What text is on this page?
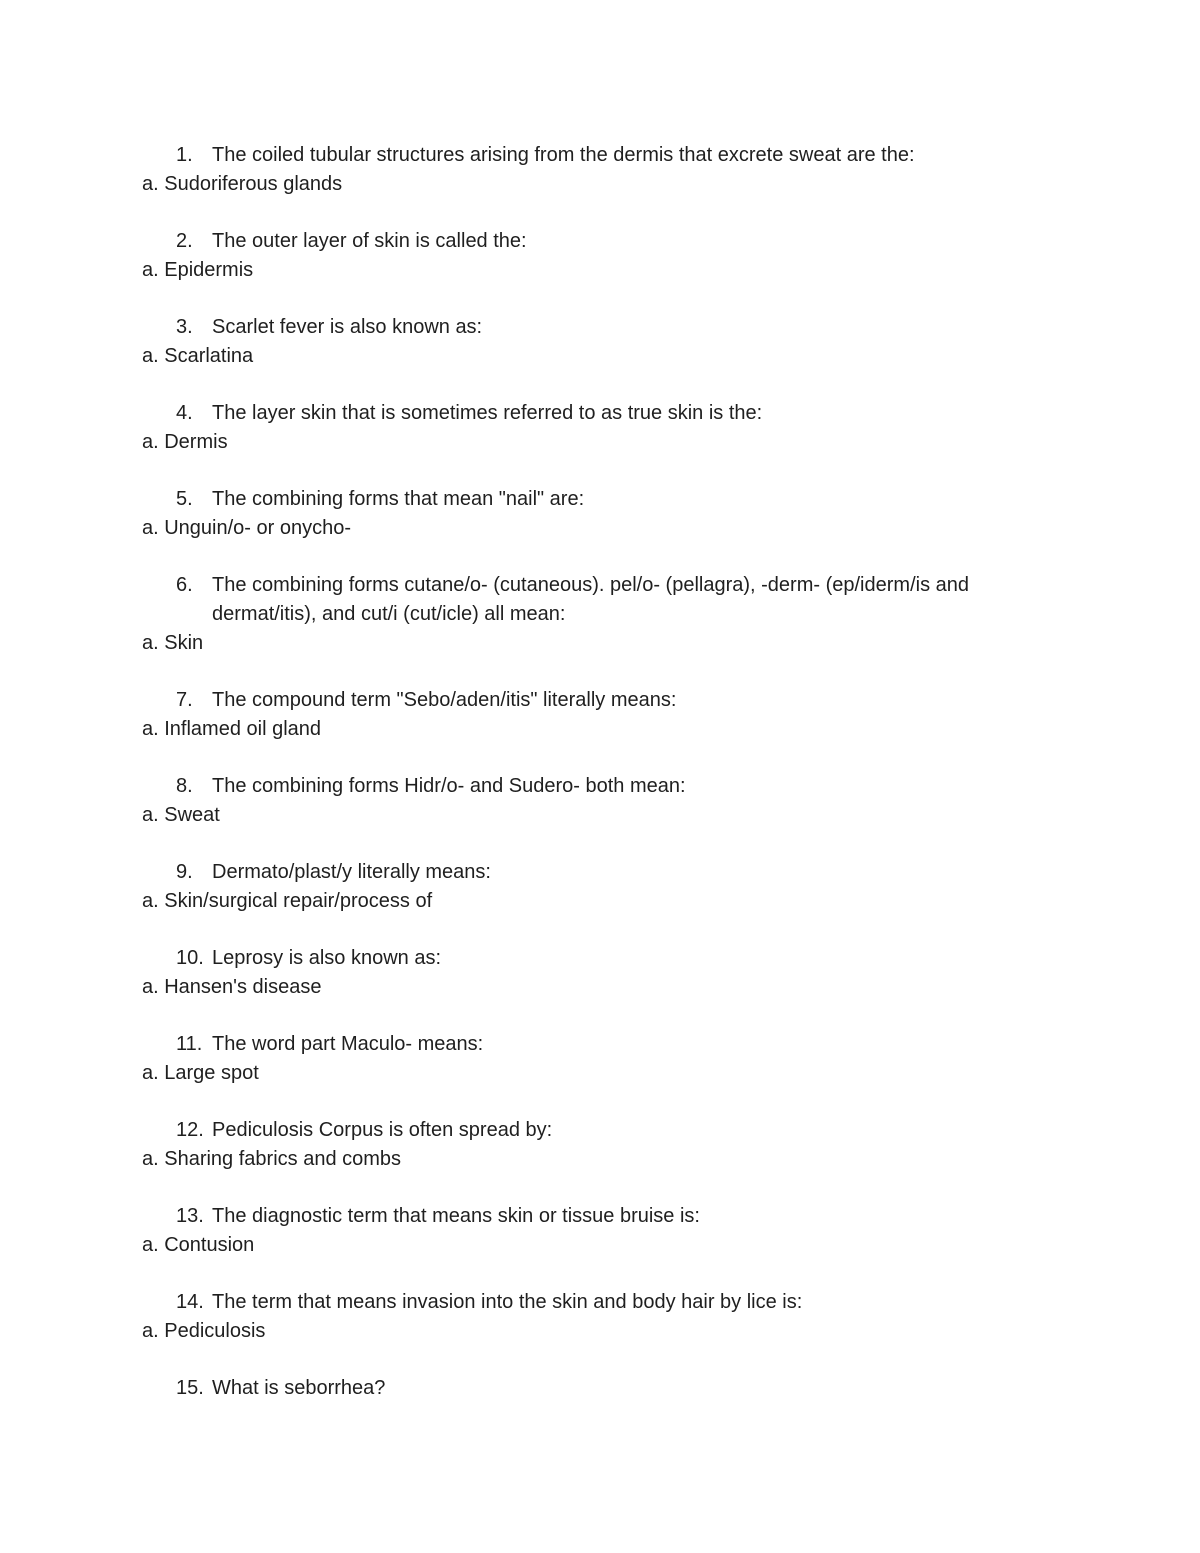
1. The coiled tubular structures arising from the dermis that excrete sweat are the:
a. Sudoriferous glands
2. The outer layer of skin is called the:
a. Epidermis
3. Scarlet fever is also known as:
a. Scarlatina
4. The layer skin that is sometimes referred to as true skin is the:
a. Dermis
5. The combining forms that mean "nail" are:
a. Unguin/o- or onycho-
6. The combining forms cutane/o- (cutaneous). pel/o- (pellagra), -derm- (ep/iderm/is and dermat/itis), and cut/i (cut/icle) all mean:
a. Skin
7. The compound term "Sebo/aden/itis" literally means:
a. Inflamed oil gland
8. The combining forms Hidr/o- and Sudero- both mean:
a. Sweat
9. Dermato/plast/y literally means:
a. Skin/surgical repair/process of
10. Leprosy is also known as:
a. Hansen's disease
11. The word part Maculo- means:
a. Large spot
12. Pediculosis Corpus is often spread by:
a. Sharing fabrics and combs
13. The diagnostic term that means skin or tissue bruise is:
a. Contusion
14. The term that means invasion into the skin and body hair by lice is:
a. Pediculosis
15. What is seborrhea?
